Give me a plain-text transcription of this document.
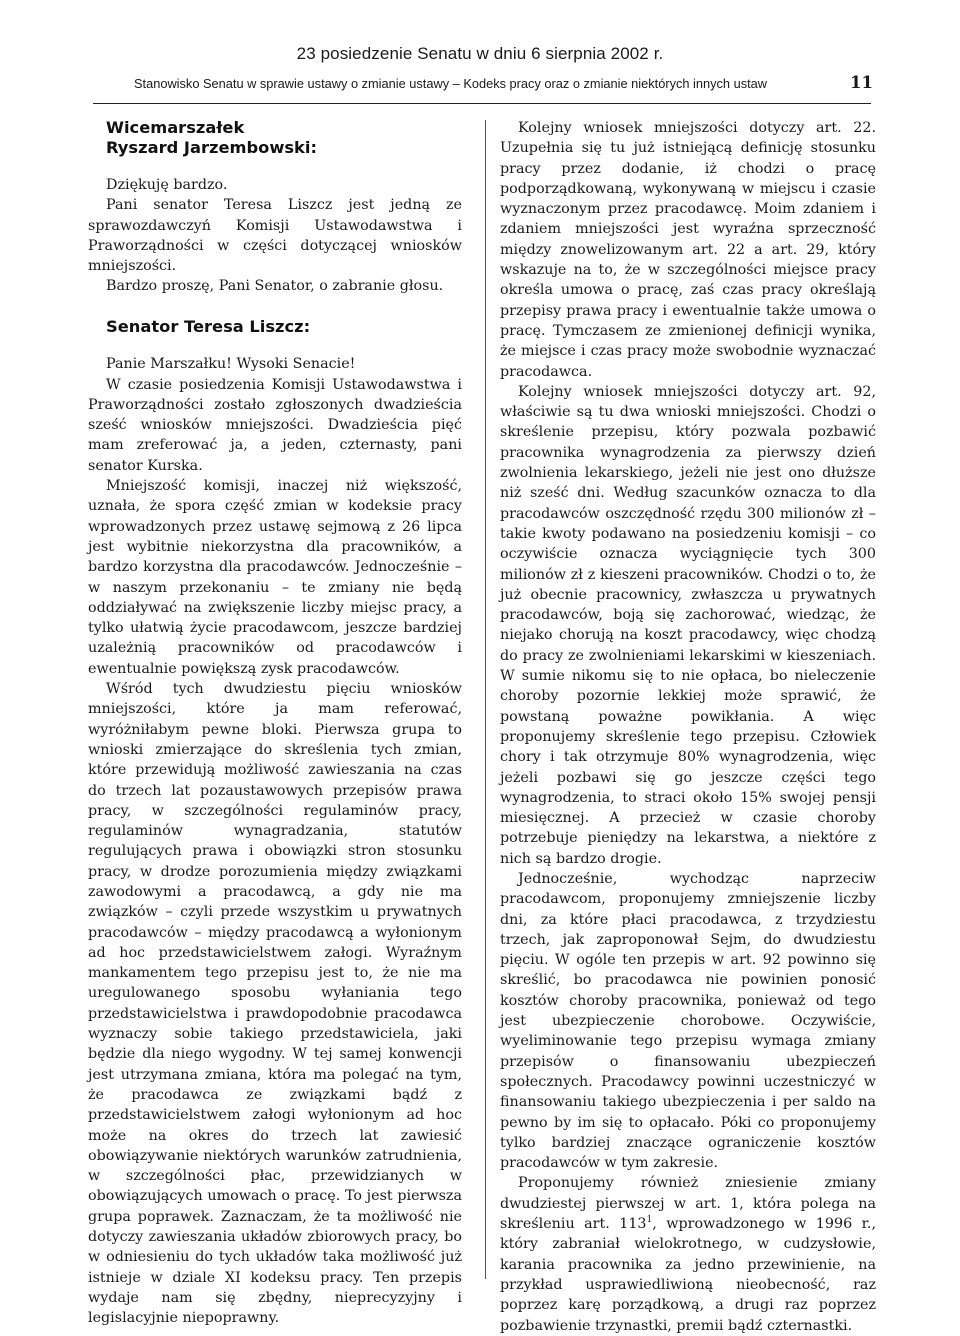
23 posiedzenie Senatu w dniu 6 sierpnia 2002 r.
Stanowisko Senatu w sprawie ustawy o zmianie ustawy – Kodeks pracy oraz o zmianie niektórych innych ustaw	11
Wicemarszałek
Ryszard Jarzembowski:

Dziękuję bardzo.

Pani senator Teresa Liszcz jest jedną ze sprawozdawczyń Komisji Ustawodawstwa i Praworządności w części dotyczącej wniosków mniejszości.

Bardzo proszę, Pani Senator, o zabranie głosu.

Senator Teresa Liszcz:

Panie Marszałku! Wysoki Senacie!

W czasie posiedzenia Komisji Ustawodawstwa i Praworządności zostało zgłoszonych dwadzieścia sześć wniosków mniejszości. Dwadzieścia pięć mam zreferować ja, a jeden, czternasty, pani senator Kurska.

Mniejszość komisji, inaczej niż większość, uznała, że spora część zmian w kodeksie pracy wprowadzonych przez ustawę sejmową z 26 lipca jest wybitnie niekorzystna dla pracowników, a bardzo korzystna dla pracodawców. Jednocześnie – w naszym przekonaniu – te zmiany nie będą oddziaływać na zwiększenie liczby miejsc pracy, a tylko ułatwią życie pracodawcom, jeszcze bardziej uzależnią pracowników od pracodawców i ewentualnie powiększą zysk pracodawców.

Wśród tych dwudziestu pięciu wniosków mniejszości, które ja mam referować, wyróżniłabym pewne bloki. Pierwsza grupa to wnioski zmierzające do skreślenia tych zmian, które przewidują możliwość zawieszania na czas do trzech lat pozaustawowych przepisów prawa pracy, w szczególności regulaminów pracy, regulaminów wynagradzania, statutów regulujących prawa i obowiązki stron stosunku pracy, w drodze porozumienia między związkami zawodowymi a pracodawcą, a gdy nie ma związków – czyli przede wszystkim u prywatnych pracodawców – między pracodawcą a wyłonionym ad hoc przedstawicielstwem załogi. Wyraźnym mankamentem tego przepisu jest to, że nie ma uregulowanego sposobu wyłaniania tego przedstawicielstwa i prawdopodobnie pracodawca wyznaczy sobie takiego przedstawiciela, jaki będzie dla niego wygodny. W tej samej konwencji jest utrzymana zmiana, która ma polegać na tym, że pracodawca ze związkami bądź z przedstawicielstwem załogi wyłonionym ad hoc może na okres do trzech lat zawiesić obowiązywanie niektórych warunków zatrudnienia, w szczególności płac, przewidzianych w obowiązujących umowach o pracę. To jest pierwsza grupa poprawek. Zaznaczam, że ta możliwość nie dotyczy zawieszania układów zbiorowych pracy, bo w odniesieniu do tych układów taka możliwość już istnieje w dziale XI kodeksu pracy. Ten przepis wydaje nam się zbędny, nieprecyzyjny i legislacyjnie niepoprawny.

Kolejny wniosek mniejszości dotyczy art. 22. Uzupełnia się tu już istniejącą definicję stosunku pracy przez dodanie, iż chodzi o pracę podporządkowaną, wykonywaną w miejscu i czasie wyznaczonym przez pracodawcę. Moim zdaniem i zdaniem mniejszości jest wyraźna sprzeczność między znowelizowanym art. 22 a art. 29, który wskazuje na to, że w szczególności miejsce pracy określa umowa o pracę, zaś czas pracy określają przepisy prawa pracy i ewentualnie także umowa o pracę. Tymczasem ze zmienionej definicji wynika, że miejsce i czas pracy może swobodnie wyznaczać pracodawca.

Kolejny wniosek mniejszości dotyczy art. 92, właściwie są tu dwa wnioski mniejszości. Chodzi o skreślenie przepisu, który pozwala pozbawić pracownika wynagrodzenia za pierwszy dzień zwolnienia lekarskiego, jeżeli nie jest ono dłuższe niż sześć dni. Według szacunków oznacza to dla pracodawców oszczędność rzędu 300 milionów zł – takie kwoty podawano na posiedzeniu komisji – co oczywiście oznacza wyciągnięcie tych 300 milionów zł z kieszeni pracowników. Chodzi o to, że już obecnie pracownicy, zwłaszcza u prywatnych pracodawców, boją się zachorować, wiedząc, że niejako chorują na koszt pracodawcy, więc chodzą do pracy ze zwolnieniami lekarskimi w kieszeniach. W sumie nikomu się to nie opłaca, bo nieleczenie choroby pozornie lekkiej może sprawić, że powstaną poważne powikłania. A więc proponujemy skreślenie tego przepisu. Człowiek chory i tak otrzymuje 80% wynagrodzenia, więc jeżeli pozbawi się go jeszcze części tego wynagrodzenia, to straci około 15% swojej pensji miesięcznej. A przecież w czasie choroby potrzebuje pieniędzy na lekarstwa, a niektóre z nich są bardzo drogie.

Jednocześnie, wychodząc naprzeciw pracodawcom, proponujemy zmniejszenie liczby dni, za które płaci pracodawca, z trzydziestu trzech, jak zaproponował Sejm, do dwudziestu pięciu. W ogóle ten przepis w art. 92 powinno się skreślić, bo pracodawca nie powinien ponosić kosztów choroby pracownika, ponieważ od tego jest ubezpieczenie chorobowe. Oczywiście, wyeliminowanie tego przepisu wymaga zmiany przepisów o finansowaniu ubezpieczeń społecznych. Pracodawcy powinni uczestniczyć w finansowaniu takiego ubezpieczenia i per saldo na pewno by im się to opłacało. Póki co proponujemy tylko bardziej znaczące ograniczenie kosztów pracodawców w tym zakresie.

Proponujemy również zniesienie zmiany dwudziestej pierwszej w art. 1, która polega na skreśleniu art. $113^1$, wprowadzonego w 1996 r., który zabraniał wielokrotnego, w cudzysłowie, karania pracownika za jedno przewinienie, na przykład usprawiedliwioną nieobecność, raz poprzez karę porządkową, a drugi raz poprzez pozbawienie trzynastki, premii bądź czternastki.
